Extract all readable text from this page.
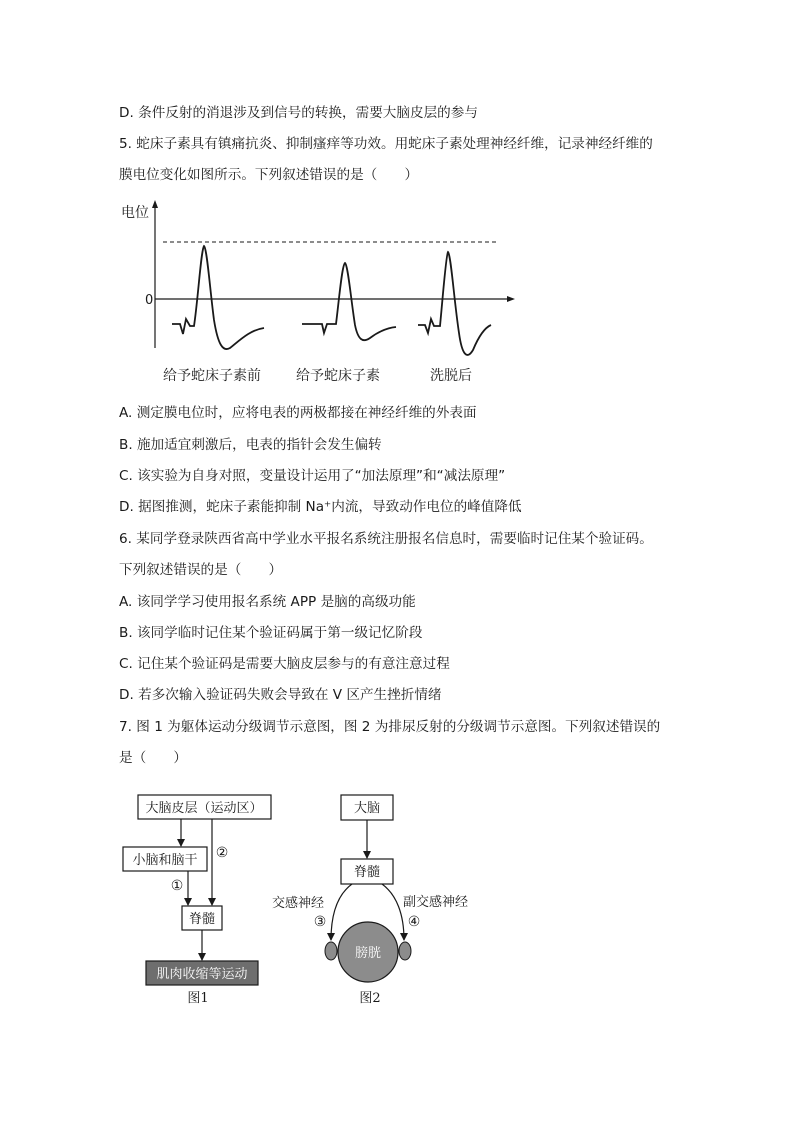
D. 条件反射的消退涉及到信号的转换，需要大脑皮层的参与
5. 蛇床子素具有镇痛抗炎、抑制瘙痒等功效。用蛇床子素处理神经纤维，记录神经纤维的
膜电位变化如图所示。下列叙述错误的是（　　）
电位
0
给予蛇床子素前	给予蛇床子素	洗脱后
A. 测定膜电位时，应将电表的两极都接在神经纤维的外表面
B. 施加适宜刺激后，电表的指针会发生偏转
C. 该实验为自身对照，变量设计运用了“加法原理”和“减法原理”
D. 据图推测，蛇床子素能抑制 Na⁺内流，导致动作电位的峰值降低
6. 某同学登录陕西省高中学业水平报名系统注册报名信息时，需要临时记住某个验证码。
下列叙述错误的是（　　）
A. 该同学学习使用报名系统 APP 是脑的高级功能
B. 该同学临时记住某个验证码属于第一级记忆阶段
C. 记住某个验证码是需要大脑皮层参与的有意注意过程
D. 若多次输入验证码失败会导致在 V 区产生挫折情绪
7. 图 1 为躯体运动分级调节示意图，图 2 为排尿反射的分级调节示意图。下列叙述错误的
是（　　）
大脑皮层（运动区）
②
小脑和脑干
①
脊髓
肌肉收缩等运动
图1
大脑
脊髓
交感神经
③
副交感神经
④
膀胱
图2
